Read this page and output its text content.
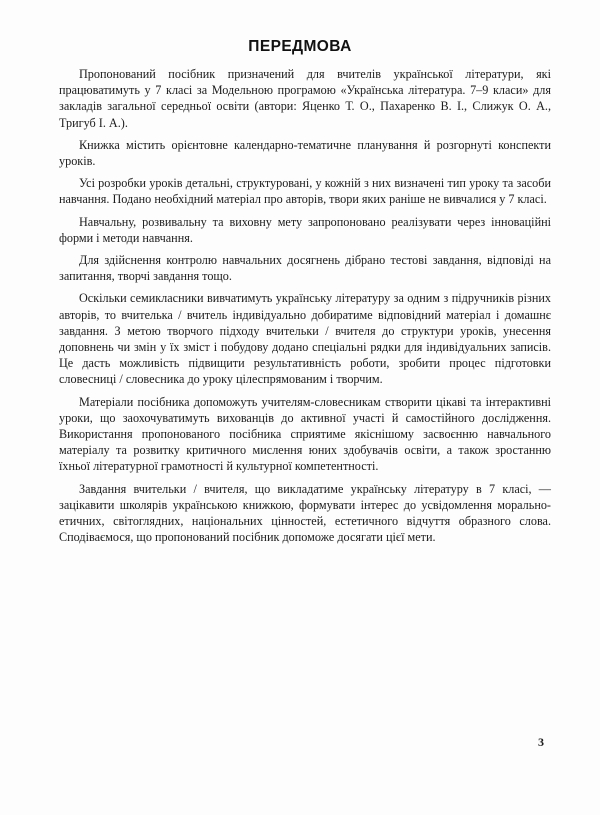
ПЕРЕДМОВА

Пропонований посібник призначений для вчителів української літератури, які працюватимуть у 7 класі за Модельною програмою «Українська література. 7–9 класи» для закладів загальної середньої освіти (автори: Яценко Т. О., Пахаренко В. І., Слижук О. А., Тригуб І. А.).

Книжка містить орієнтовне календарно-тематичне планування й розгорнуті конспекти уроків.

Усі розробки уроків детальні, структуровані, у кожній з них визначені тип уроку та засоби навчання. Подано необхідний матеріал про авторів, твори яких раніше не вивчалися у 7 класі.

Навчальну, розвивальну та виховну мету запропоновано реалізувати через інноваційні форми і методи навчання.

Для здійснення контролю навчальних досягнень дібрано тестові завдання, відповіді на запитання, творчі завдання тощо.

Оскільки семикласники вивчатимуть українську літературу за одним з підручників різних авторів, то вчителька / вчитель індивідуально добиратиме відповідний матеріал і домашнє завдання. З метою творчого підходу вчительки / вчителя до структури уроків, унесення доповнень чи змін у їх зміст і побудову додано спеціальні рядки для індивідуальних записів. Це дасть можливість підвищити результативність роботи, зробити процес підготовки словесниці / словесника до уроку цілеспрямованим і творчим.

Матеріали посібника допоможуть учителям-словесникам створити цікаві та інтерактивні уроки, що заохочуватимуть вихованців до активної участі й самостійного дослідження. Використання пропонованого посібника сприятиме якіснішому засвоєнню навчального матеріалу та розвитку критичного мислення юних здобувачів освіти, а також зростанню їхньої літературної грамотності й культурної компетентності.

Завдання вчительки / вчителя, що викладатиме українську літературу в 7 класі, — зацікавити школярів українською книжкою, формувати інтерес до усвідомлення морально-етичних, світоглядних, національних цінностей, естетичного відчуття образного слова. Сподіваємося, що пропонований посібник допоможе досягати цієї мети.

3
